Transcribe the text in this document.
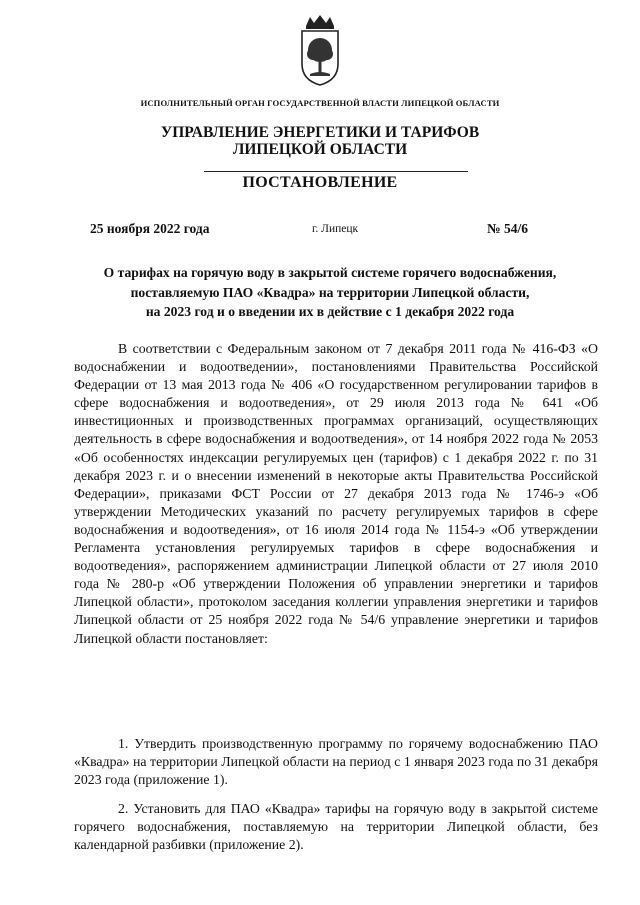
ИСПОЛНИТЕЛЬНЫЙ ОРГАН ГОСУДАРСТВЕННОЙ ВЛАСТИ ЛИПЕЦКОЙ ОБЛАСТИ
УПРАВЛЕНИЕ ЭНЕРГЕТИКИ И ТАРИФОВ
ЛИПЕЦКОЙ ОБЛАСТИ
ПОСТАНОВЛЕНИЕ
25 ноября 2022 года	г. Липецк	№ 54/6
О тарифах на горячую воду в закрытой системе горячего водоснабжения,
поставляемую ПАО «Квадра» на территории Липецкой области,
на 2023 год и о введении их в действие с 1 декабря 2022 года

В соответствии с Федеральным законом от 7 декабря 2011 года № 416-ФЗ «О водоснабжении и водоотведении», постановлениями Правительства Российской Федерации от 13 мая 2013 года № 406 «О государственном регулировании тарифов в сфере водоснабжения и водоотведения», от 29 июля 2013 года № 641 «Об инвестиционных и производственных программах организаций, осуществляющих деятельность в сфере водоснабжения и водоотведения», от 14 ноября 2022 года № 2053 «Об особенностях индексации регулируемых цен (тарифов) с 1 декабря 2022 г. по 31 декабря 2023 г. и о внесении изменений в некоторые акты Правительства Российской Федерации», приказами ФСТ России от 27 декабря 2013 года № 1746-э «Об утверждении Методических указаний по расчету регулируемых тарифов в сфере водоснабжения и водоотведения», от 16 июля 2014 года № 1154-э «Об утверждении Регламента установления регулируемых тарифов в сфере водоснабжения и водоотведения», распоряжением администрации Липецкой области от 27 июля 2010 года № 280-р «Об утверждении Положения об управлении энергетики и тарифов Липецкой области», протоколом заседания коллегии управления энергетики и тарифов Липецкой области от 25 ноября 2022 года № 54/6 управление энергетики и тарифов Липецкой области постановляет:

1. Утвердить производственную программу по горячему водоснабжению ПАО «Квадра» на территории Липецкой области на период с 1 января 2023 года по 31 декабря 2023 года (приложение 1).

2. Установить для ПАО «Квадра» тарифы на горячую воду в закрытой системе горячего водоснабжения, поставляемую на территории Липецкой области, без календарной разбивки (приложение 2).
